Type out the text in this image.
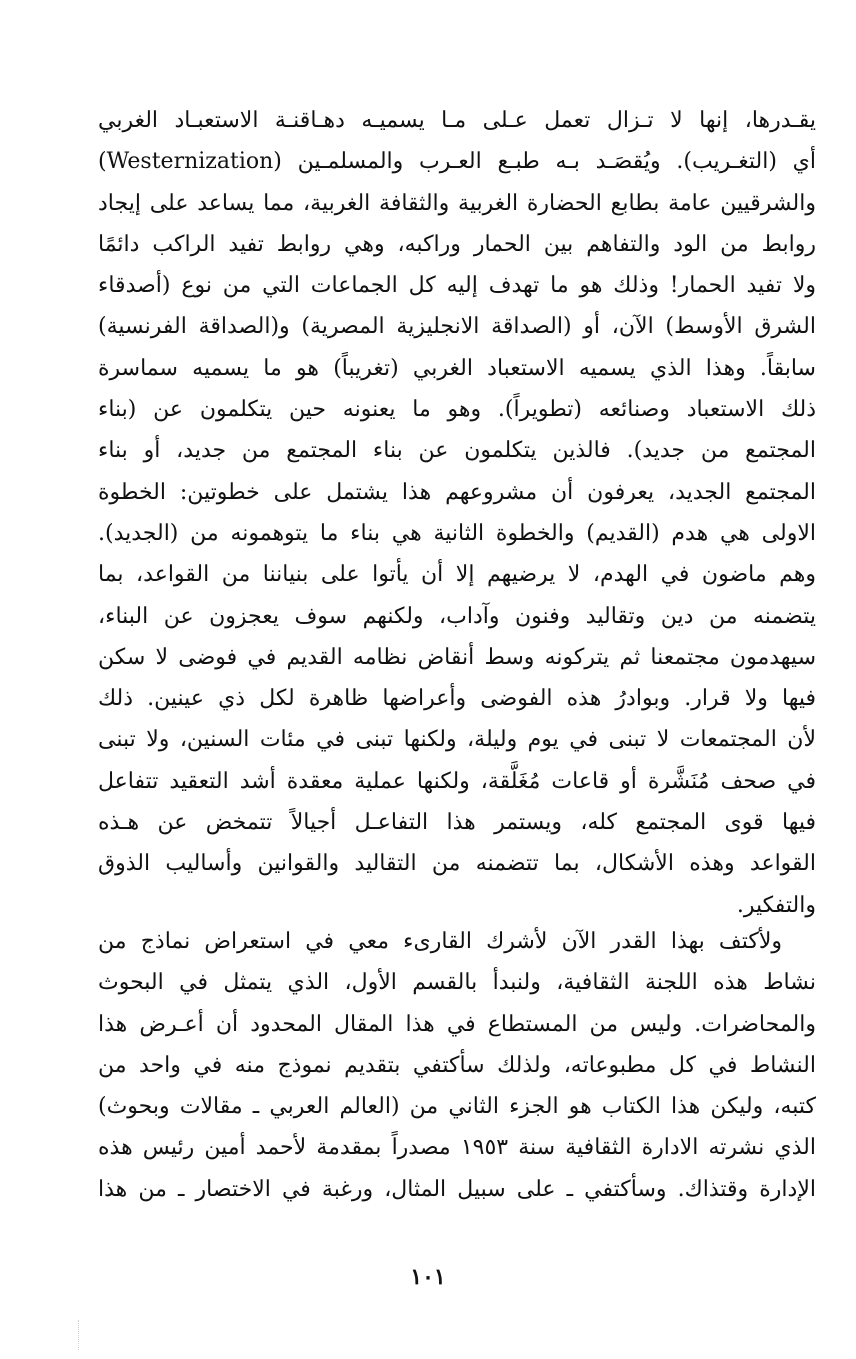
يقـدرها، إنها لا تـزال تعمل عـلى مـا يسميـه دهـاقنـة الاستعبـاد الغربي
(Westernization) أي (التغـريب). ويُقصَـد بـه طبـع العـرب والمسلمـين
والشرقيين عامة بطابع الحضارة الغربية والثقافة الغربية، مما يساعد على إيجاد
روابط من الود والتفاهم بين الحمار وراكبه، وهي روابط تفيد الراكب دائمًا
ولا تفيد الحمار! وذلك هو ما تهدف إليه كل الجماعات التي من نوع (أصدقاء
الشرق الأوسط) الآن، أو (الصداقة الانجليزية المصرية) و(الصداقة الفرنسية)
سابقاً. وهذا الذي يسميه الاستعباد الغربي (تغريباً) هو ما يسميه سماسرة
ذلك الاستعباد وصنائعه (تطويراً). وهو ما يعنونه حين يتكلمون عن (بناء
المجتمع من جديد). فالذين يتكلمون عن بناء المجتمع من جديد، أو بناء
المجتمع الجديد، يعرفون أن مشروعهم هذا يشتمل على خطوتين: الخطوة
الاولى هي هدم (القديم) والخطوة الثانية هي بناء ما يتوهمونه من (الجديد).
وهم ماضون في الهدم، لا يرضيهم إلا أن يأتوا على بنياننا من القواعد، بما
يتضمنه من دين وتقاليد وفنون وآداب، ولكنهم سوف يعجزون عن البناء،
سيهدمون مجتمعنا ثم يتركونه وسط أنقاض نظامه القديم في فوضى لا سكن
فيها ولا قرار. وبوادرُ هذه الفوضى وأعراضها ظاهرة لكل ذي عينين. ذلك
لأن المجتمعات لا تبنى في يوم وليلة، ولكنها تبنى في مئات السنين، ولا تبنى
في صحف مُنَشَّرة أو قاعات مُغَلَّقة، ولكنها عملية معقدة أشد التعقيد تتفاعل
فيها قوى المجتمع كله، ويستمر هذا التفاعـل أجيالاً تتمخض عن هـذه
القواعد وهذه الأشكال، بما تتضمنه من التقاليد والقوانين وأساليب الذوق
والتفكير.
ولأكتف بهذا القدر الآن لأشرك القارىء معي في استعراض نماذج من
نشاط هذه اللجنة الثقافية، ولنبدأ بالقسم الأول، الذي يتمثل في البحوث
والمحاضرات. وليس من المستطاع في هذا المقال المحدود أن أعـرض هذا
النشاط في كل مطبوعاته، ولذلك سأكتفي بتقديم نموذج منه في واحد من
كتبه، وليكن هذا الكتاب هو الجزء الثاني من (العالم العربي ـ مقالات وبحوث)
الذي نشرته الادارة الثقافية سنة ١٩٥٣ مصدراً بمقدمة لأحمد أمين رئيس هذه
الإدارة وقتذاك. وسأكتفي ـ على سبيل المثال، ورغبة في الاختصار ـ من هذا
١٠١
